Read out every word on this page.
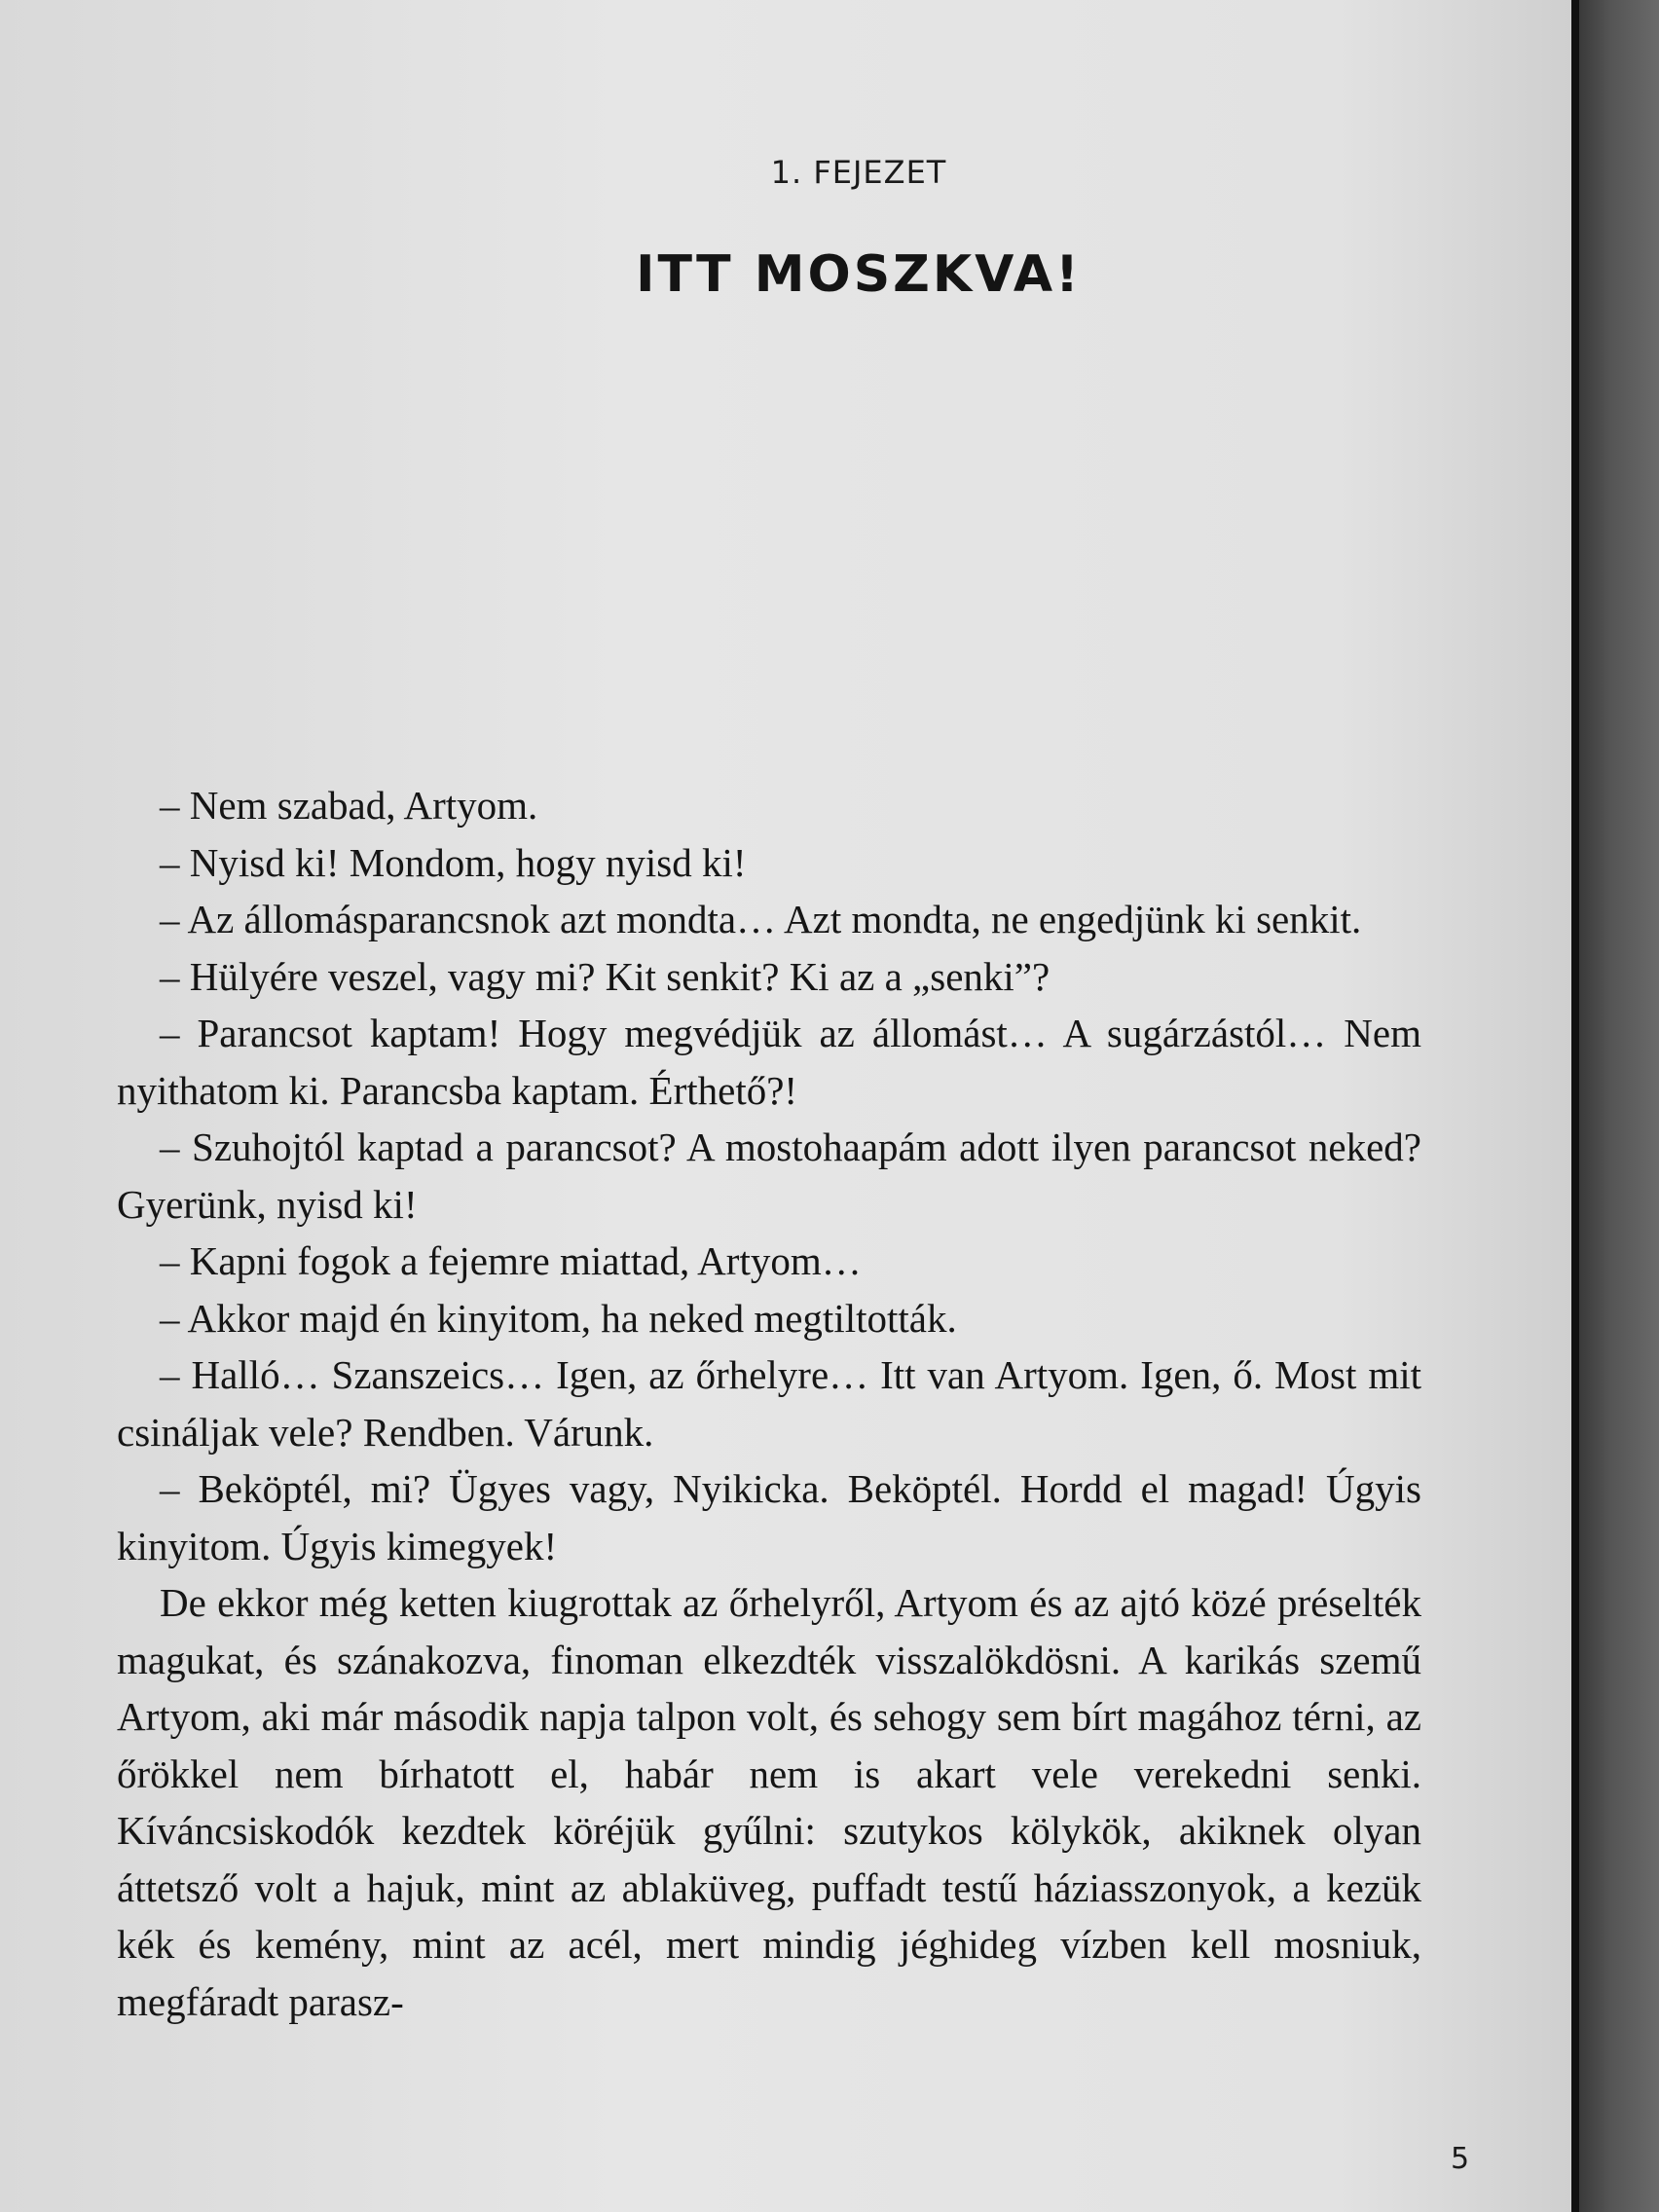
1. FEJEZET
ITT MOSZKVA!

– Nem szabad, Artyom.

– Nyisd ki! Mondom, hogy nyisd ki!

– Az állomásparancsnok azt mondta… Azt mondta, ne engedjünk ki senkit.

– Hülyére veszel, vagy mi? Kit senkit? Ki az a „senki”?

– Parancsot kaptam! Hogy megvédjük az állomást… A sugárzástól… Nem nyithatom ki. Parancsba kaptam. Érthető?!

– Szuhojtól kaptad a parancsot? A mostohaapám adott ilyen parancsot neked? Gyerünk, nyisd ki!

– Kapni fogok a fejemre miattad, Artyom…

– Akkor majd én kinyitom, ha neked megtiltották.

– Halló… Szanszeics… Igen, az őrhelyre… Itt van Artyom. Igen, ő. Most mit csináljak vele? Rendben. Várunk.

– Beköptél, mi? Ügyes vagy, Nyikicka. Beköptél. Hordd el magad! Úgyis kinyitom. Úgyis kimegyek!

De ekkor még ketten kiugrottak az őrhelyről, Artyom és az ajtó közé préselték magukat, és szánakozva, finoman elkezdték visszalökdösni. A karikás szemű Artyom, aki már második napja talpon volt, és sehogy sem bírt magához térni, az őrökkel nem bírhatott el, habár nem is akart vele verekedni senki. Kíváncsiskodók kezdtek köréjük gyűlni: szutykos kölykök, akiknek olyan áttetsző volt a hajuk, mint az ablaküveg, puffadt testű háziasszonyok, a kezük kék és kemény, mint az acél, mert mindig jéghideg vízben kell mosniuk, megfáradt parasz-

5
